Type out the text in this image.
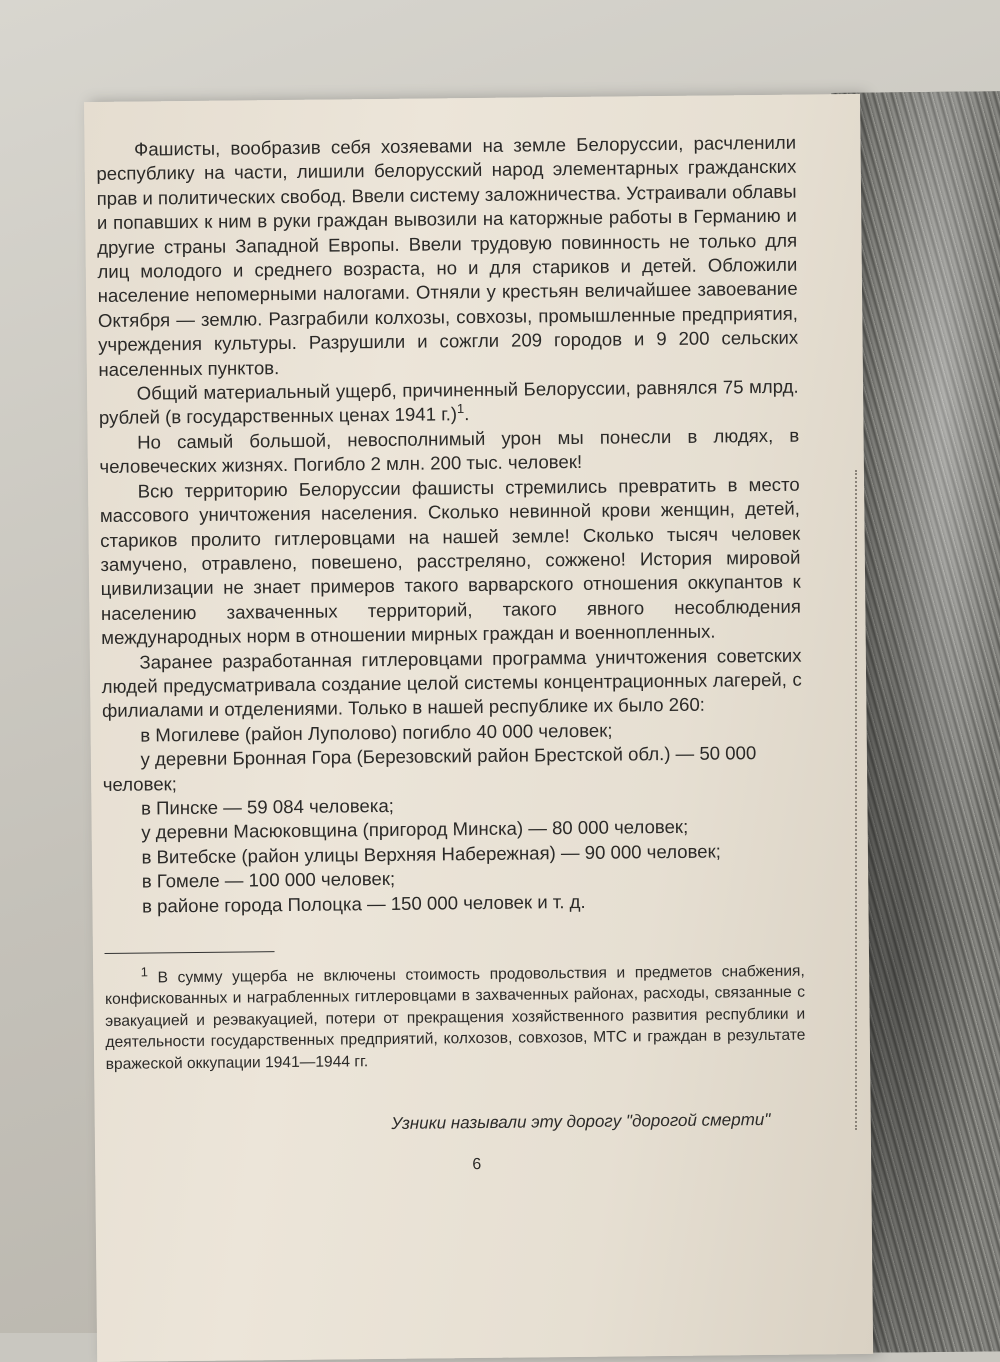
Фашисты, вообразив себя хозяевами на земле Белоруссии, расчленили республику на части, лишили белорусский народ элементарных гражданских прав и политических свобод. Ввели систему заложничества. Устраивали облавы и попавших к ним в руки граждан вывозили на каторжные работы в Германию и другие страны Западной Европы. Ввели трудовую повинность не только для лиц молодого и среднего возраста, но и для стариков и детей. Обложили население непомерными налогами. Отняли у крестьян величайшее завоевание Октября — землю. Разграбили колхозы, совхозы, промышленные предприятия, учреждения культуры. Разрушили и сожгли 209 городов и 9 200 сельских населенных пунктов.

Общий материальный ущерб, причиненный Белоруссии, равнялся 75 млрд. рублей (в государственных ценах 1941 г.)$^1$.

Но самый большой, невосполнимый урон мы понесли в людях, в человеческих жизнях. Погибло 2 млн. 200 тыс. человек!

Всю территорию Белоруссии фашисты стремились превратить в место массового уничтожения населения. Сколько невинной крови женщин, детей, стариков пролито гитлеровцами на нашей земле! Сколько тысяч человек замучено, отравлено, повешено, расстреляно, сожжено! История мировой цивилизации не знает примеров такого варварского отношения оккупантов к населению захваченных территорий, такого явного несоблюдения международных норм в отношении мирных граждан и военнопленных.

Заранее разработанная гитлеровцами программа уничтожения советских людей предусматривала создание целой системы концентрационных лагерей, с филиалами и отделениями. Только в нашей республике их было 260:

в Могилеве (район Луполово) погибло 40 000 человек;
у деревни Бронная Гора (Березовский район Брестской обл.) — 50 000 человек;
в Пинске — 59 084 человека;
у деревни Масюковщина (пригород Минска) — 80 000 человек;
в Витебске (район улицы Верхняя Набережная) — 90 000 человек;
в Гомеле — 100 000 человек;
в районе города Полоцка — 150 000 человек и т. д.

$^1$ В сумму ущерба не включены стоимость продовольствия и предметов снабжения, конфискованных и награбленных гитлеровцами в захваченных районах, расходы, связанные с эвакуацией и реэвакуацией, потери от прекращения хозяйственного развития республики и деятельности государственных предприятий, колхозов, совхозов, МТС и граждан в результате вражеской оккупации 1941—1944 гг.

Узники называли эту дорогу "дорогой смерти"

6
